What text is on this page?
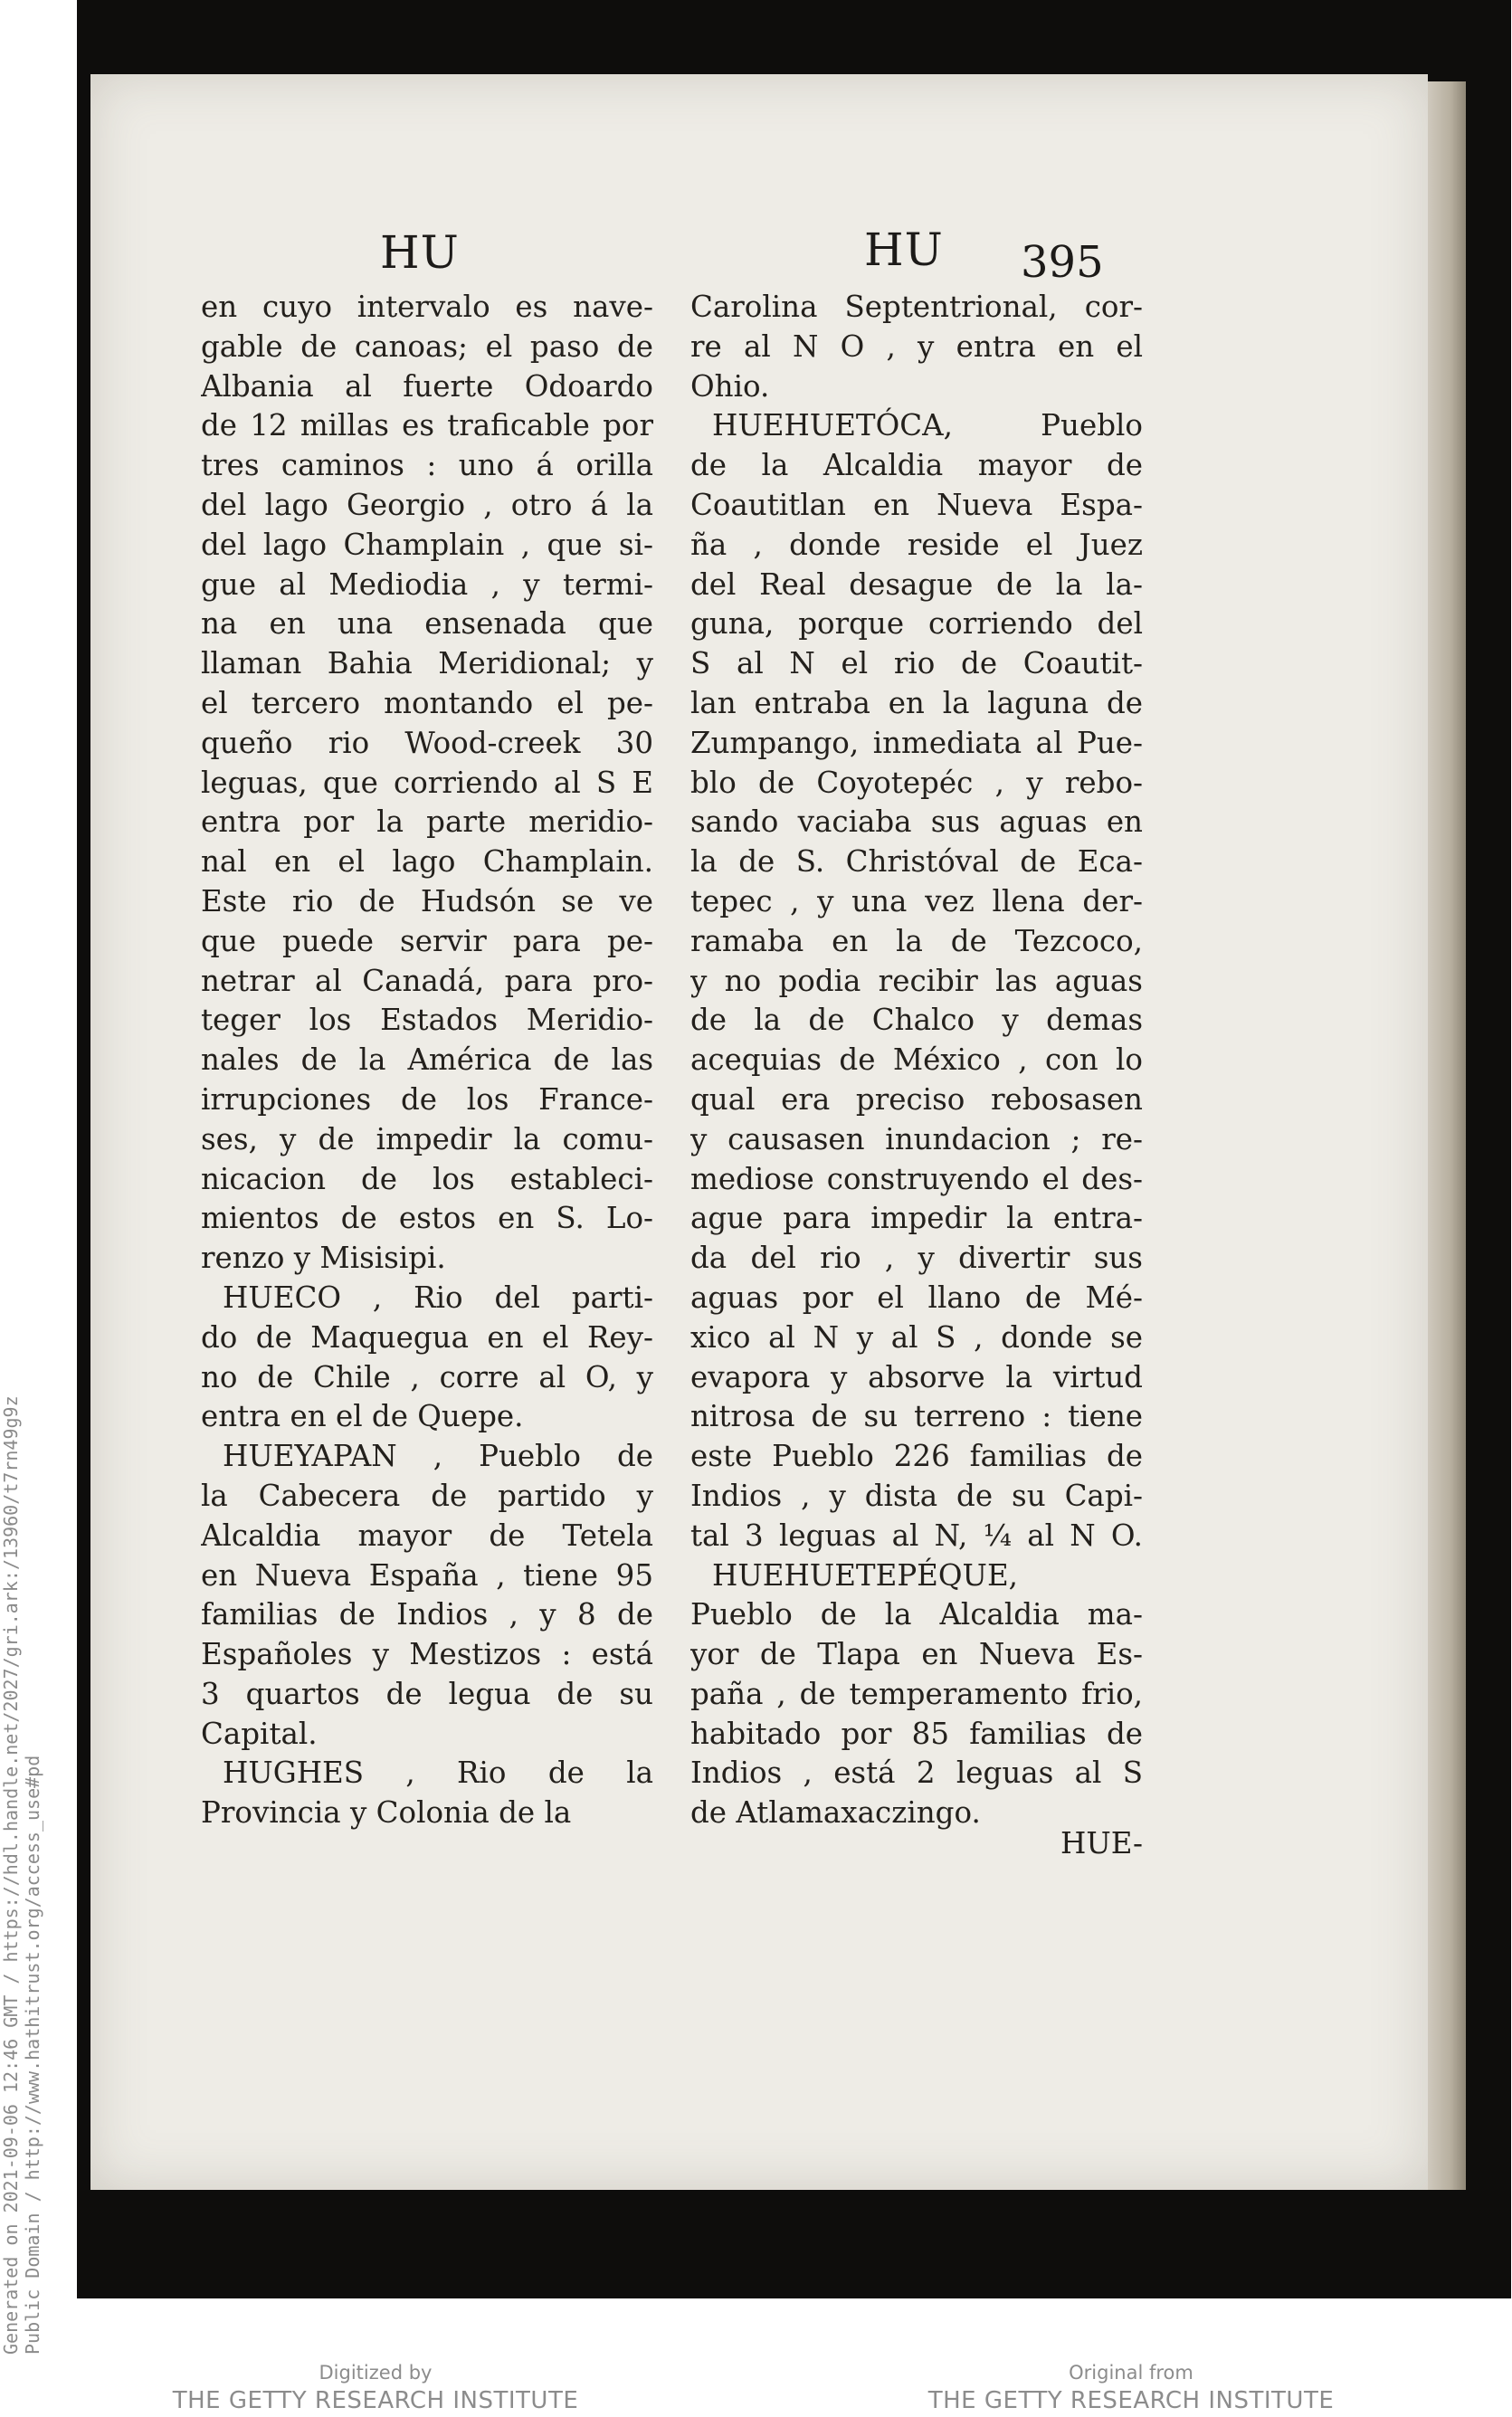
Generated on 2021-09-06 12:46 GMT / https://hdl.handle.net/2027/gri.ark:/13960/t7rn49g9z Public Domain / http://www.hathitrust.org/access_use#pd
HU	HU 395
en cuyo intervalo es nave-
gable de canoas; el paso de
Albania al fuerte Odoardo
de 12 millas es traficable por
tres caminos : uno á orilla
del lago Georgio , otro á la
del lago Champlain , que si-
gue al Mediodia , y termi-
na en una ensenada que
llaman Bahia Meridional; y
el tercero montando el pe-
queño rio Wood-creek 30
leguas, que corriendo al S E
entra por la parte meridio-
nal en el lago Champlain.
Este rio de Hudsón se ve
que puede servir para pe-
netrar al Canadá, para pro-
teger los Estados Meridio-
nales de la América de las
irrupciones de los France-
ses, y de impedir la comu-
nicacion de los estableci-
mientos de estos en S. Lo-
renzo y Misisipi.
HUECO , Rio del parti-
do de Maquegua en el Rey-
no de Chile , corre al O, y
entra en el de Quepe.
HUEYAPAN , Pueblo de
la Cabecera de partido y
Alcaldia mayor de Tetela
en Nueva España , tiene 95
familias de Indios , y 8 de
Españoles y Mestizos : está
3 quartos de legua de su
Capital.
HUGHES , Rio de la
Provincia y Colonia de la
Carolina Septentrional, cor-
re al N O , y entra en el
Ohio.
HUEHUETÓCA, Pueblo
de la Alcaldia mayor de
Coautitlan en Nueva Espa-
ña , donde reside el Juez
del Real desague de la la-
guna, porque corriendo del
S al N el rio de Coautit-
lan entraba en la laguna de
Zumpango, inmediata al Pue-
blo de Coyotepéc , y rebo-
sando vaciaba sus aguas en
la de S. Christóval de Eca-
tepec , y una vez llena der-
ramaba en la de Tezcoco,
y no podia recibir las aguas
de la de Chalco y demas
acequias de México , con lo
qual era preciso rebosasen
y causasen inundacion ; re-
mediose construyendo el des-
ague para impedir la entra-
da del rio , y divertir sus
aguas por el llano de Mé-
xico al N y al S , donde se
evapora y absorve la virtud
nitrosa de su terreno : tiene
este Pueblo 226 familias de
Indios , y dista de su Capi-
tal 3 leguas al N, ¼ al N O.
HUEHUETEPÉQUE,
Pueblo de la Alcaldia ma-
yor de Tlapa en Nueva Es-
paña , de temperamento frio,
habitado por 85 familias de
Indios , está 2 leguas al S
de Atlamaxaczingo.
HUE-
Digitized by
THE GETTY RESEARCH INSTITUTE
Original from
THE GETTY RESEARCH INSTITUTE
